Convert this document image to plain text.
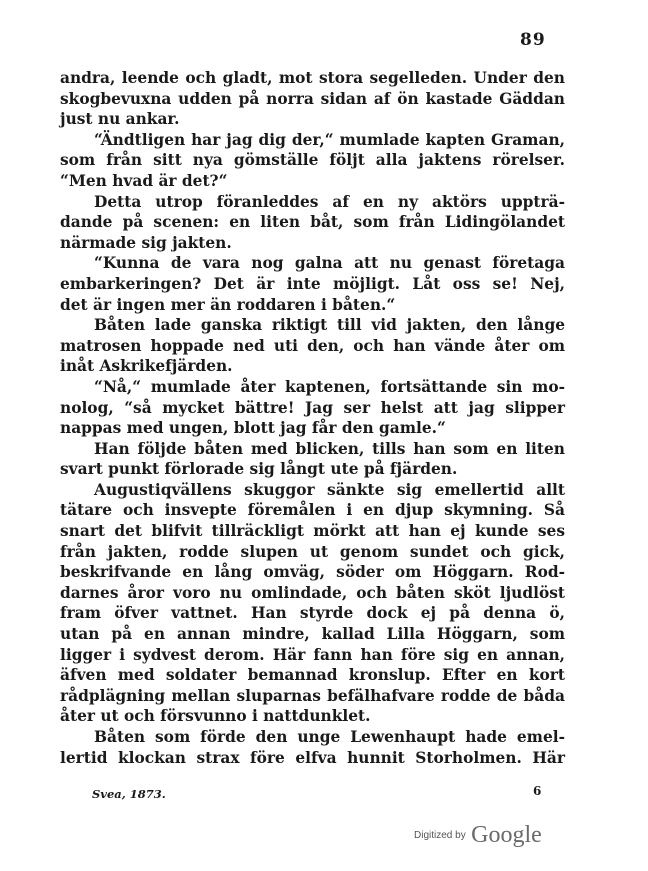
89
andra, leende och gladt, mot stora segelleden. Under den
skogbevuxna udden på norra sidan af ön kastade Gäddan
just nu ankar.
“Ändtligen har jag dig der,“ mumlade kapten Graman,
som från sitt nya gömställe följt alla jaktens rörelser.
“Men hvad är det?“
Detta utrop föranleddes af en ny aktörs uppträ-
dande på scenen: en liten båt, som från Lidingölandet
närmade sig jakten.
“Kunna de vara nog galna att nu genast företaga
embarkeringen? Det är inte möjligt. Låt oss se! Nej,
det är ingen mer än roddaren i båten.“
Båten lade ganska riktigt till vid jakten, den långe
matrosen hoppade ned uti den, och han vände åter om
inåt Askrikefjärden.
“Nå,“ mumlade åter kaptenen, fortsättande sin mo-
nolog, “så mycket bättre! Jag ser helst att jag slipper
nappas med ungen, blott jag får den gamle.“
Han följde båten med blicken, tills han som en liten
svart punkt förlorade sig långt ute på fjärden.
Augustiqvällens skuggor sänkte sig emellertid allt
tätare och insvepte föremålen i en djup skymning. Så
snart det blifvit tillräckligt mörkt att han ej kunde ses
från jakten, rodde slupen ut genom sundet och gick,
beskrifvande en lång omväg, söder om Höggarn. Rod-
darnes åror voro nu omlindade, och båten sköt ljudlöst
fram öfver vattnet. Han styrde dock ej på denna ö,
utan på en annan mindre, kallad Lilla Höggarn, som
ligger i sydvest derom. Här fann han före sig en annan,
äfven med soldater bemannad kronslup. Efter en kort
rådplägning mellan sluparnas befälhafvare rodde de båda
åter ut och försvunno i nattdunklet.
Båten som förde den unge Lewenhaupt hade emel-
lertid klockan strax före elfva hunnit Storholmen. Här
Svea, 1873.	6
Digitized by Google
